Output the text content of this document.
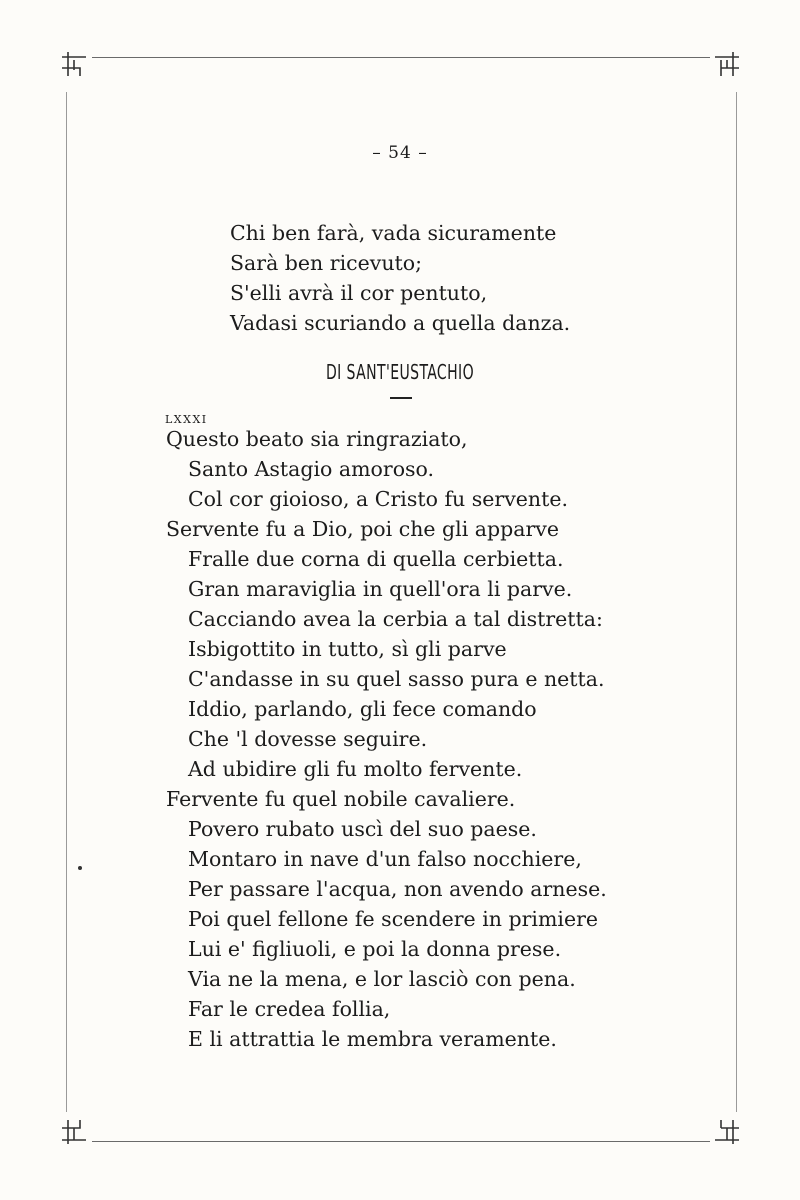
– 54 –
Chi ben farà, vada sicuramente
Sarà ben ricevuto;
S'elli avrà il cor pentuto,
Vadasi scuriando a quella danza.
DI SANT'EUSTACHIO
LXXXI
Questo beato sia ringraziato,
Santo Astagio amoroso.
Col cor gioioso, a Cristo fu servente.
Servente fu a Dio, poi che gli apparve
Fralle due corna di quella cerbietta.
Gran maraviglia in quell'ora li parve.
Cacciando avea la cerbia a tal distretta:
Isbigottito in tutto, sì gli parve
C'andasse in su quel sasso pura e netta.
Iddio, parlando, gli fece comando
Che 'l dovesse seguire.
Ad ubidire gli fu molto fervente.
Fervente fu quel nobile cavaliere.
Povero rubato uscì del suo paese.
Montaro in nave d'un falso nocchiere,
Per passare l'acqua, non avendo arnese.
Poi quel fellone fe scendere in primiere
Lui e' figliuoli, e poi la donna prese.
Via ne la mena, e lor lasciò con pena.
Far le credea follia,
E li attrattia le membra veramente.
